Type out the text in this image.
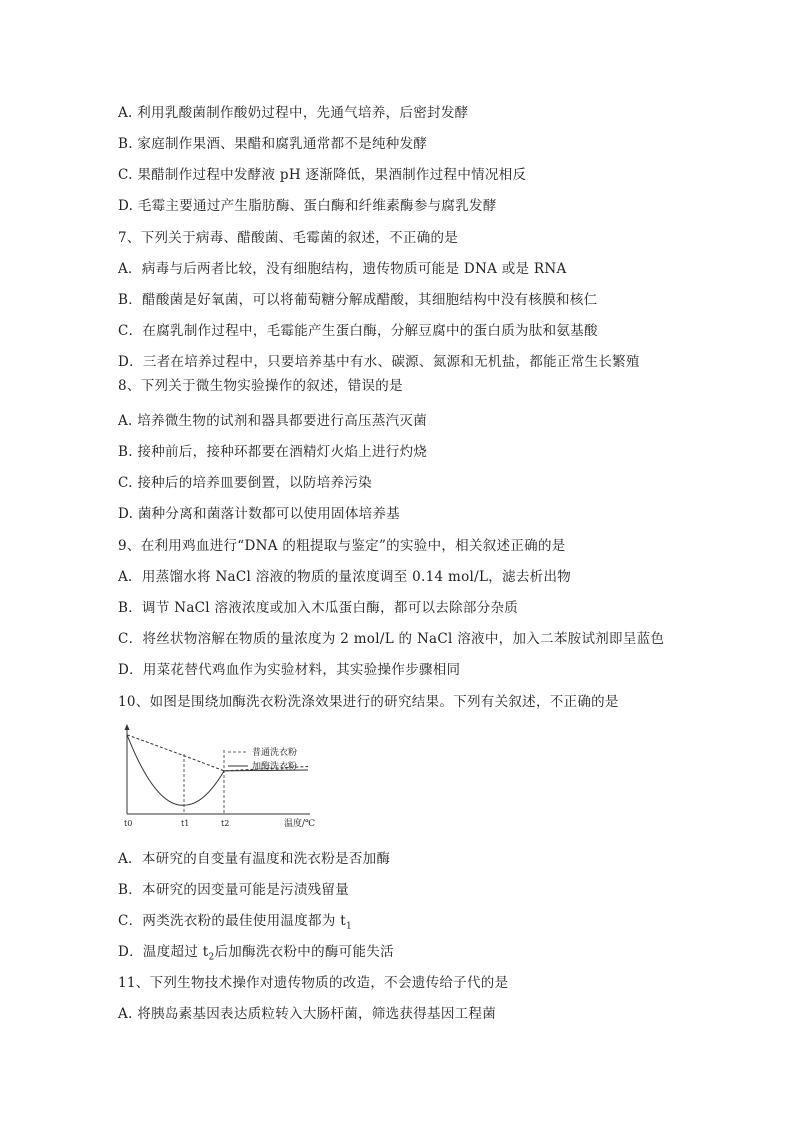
A. 利用乳酸菌制作酸奶过程中，先通气培养，后密封发酵
B. 家庭制作果酒、果醋和腐乳通常都不是纯种发酵
C. 果醋制作过程中发酵液 pH 逐渐降低，果酒制作过程中情况相反
D. 毛霉主要通过产生脂肪酶、蛋白酶和纤维素酶参与腐乳发酵
7、下列关于病毒、醋酸菌、毛霉菌的叙述，不正确的是
A．病毒与后两者比较，没有细胞结构，遗传物质可能是 DNA 或是 RNA
B．醋酸菌是好氧菌，可以将葡萄糖分解成醋酸，其细胞结构中没有核膜和核仁
C．在腐乳制作过程中，毛霉能产生蛋白酶，分解豆腐中的蛋白质为肽和氨基酸
D．三者在培养过程中，只要培养基中有水、碳源、氮源和无机盐，都能正常生长繁殖
8、下列关于微生物实验操作的叙述，错误的是
A. 培养微生物的试剂和器具都要进行高压蒸汽灭菌
B. 接种前后，接种环都要在酒精灯火焰上进行灼烧
C. 接种后的培养皿要倒置，以防培养污染
D. 菌种分离和菌落计数都可以使用固体培养基
9、在利用鸡血进行“DNA 的粗提取与鉴定”的实验中，相关叙述正确的是
A．用蒸馏水将 NaCl 溶液的物质的量浓度调至 0.14 mol/L，滤去析出物
B．调节 NaCl 溶液浓度或加入木瓜蛋白酶，都可以去除部分杂质
C．将丝状物溶解在物质的量浓度为 2 mol/L 的 NaCl 溶液中，加入二苯胺试剂即呈蓝色
D．用菜花替代鸡血作为实验材料，其实验操作步骤相同
10、如图是围绕加酶洗衣粉洗涤效果进行的研究结果。下列有关叙述，不正确的是
普通洗衣粉
加酶洗衣粉
t0	t1	t2	温度/℃
A．本研究的自变量有温度和洗衣粉是否加酶
B．本研究的因变量可能是污渍残留量
C．两类洗衣粉的最佳使用温度都为 $t_1$
D．温度超过 $t_2$后加酶洗衣粉中的酶可能失活
11、下列生物技术操作对遗传物质的改造，不会遗传给子代的是
A. 将胰岛素基因表达质粒转入大肠杆菌，筛选获得基因工程菌
